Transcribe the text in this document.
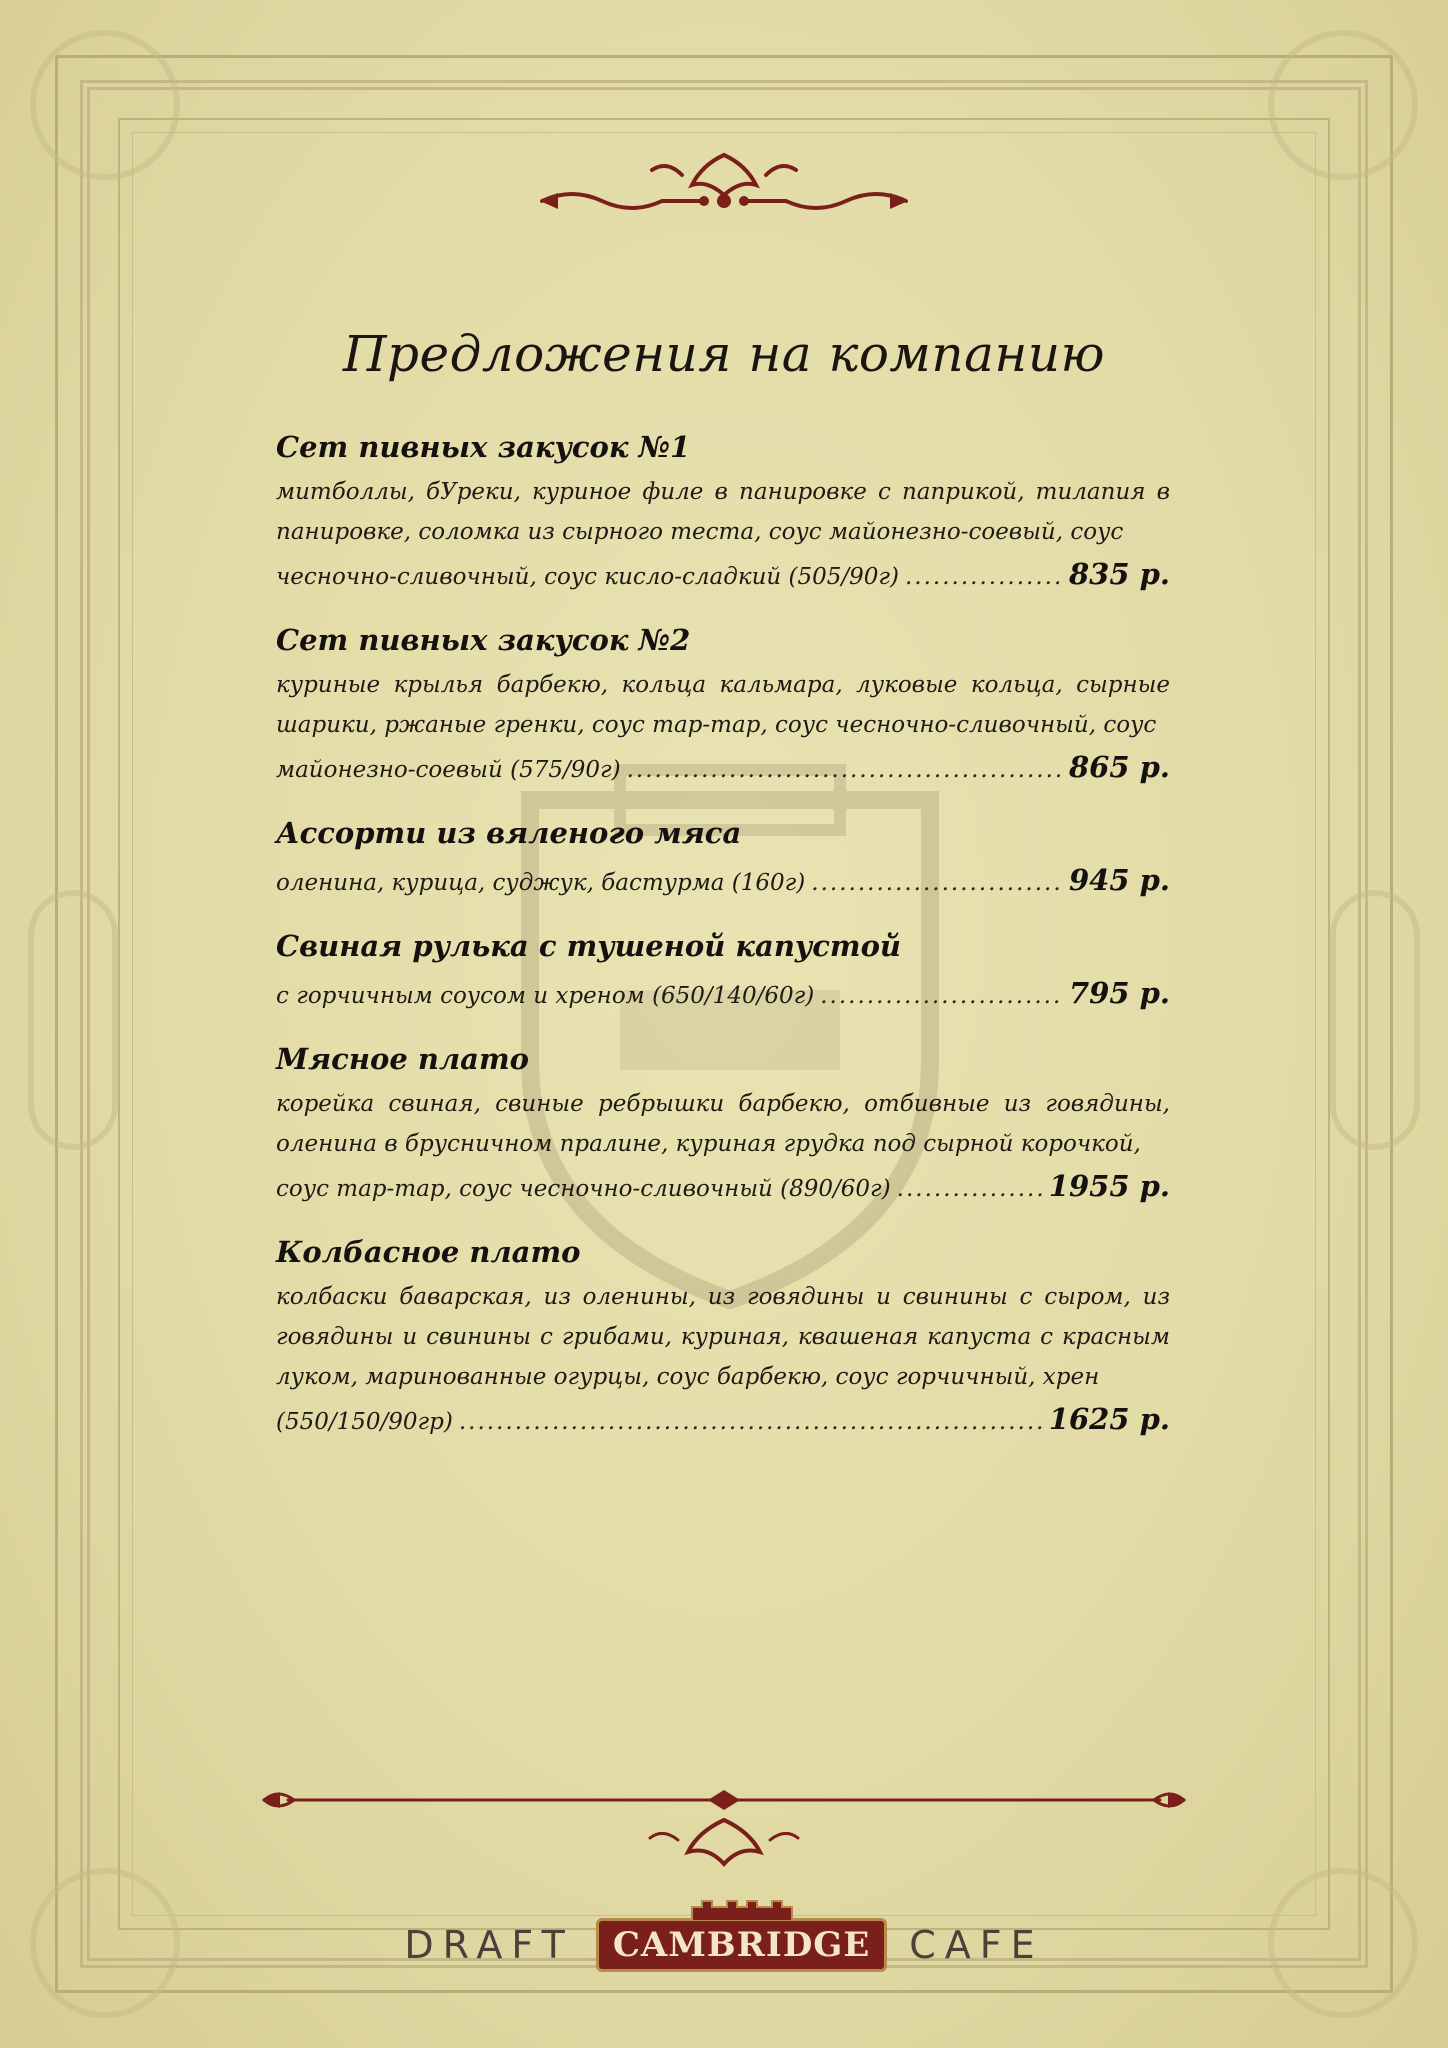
Предложения на компанию
Сет пивных закусок №1
митболлы, бУреки, куриное филе в панировке с паприкой, тилапия в панировке, соломка из сырного теста, соус майонезно-соевый, соус
чесночно-сливочный, соус кисло-сладкий (505/90г) .....	835 р.
Сет пивных закусок №2
куриные крылья барбекю, кольца кальмара, луковые кольца, сырные шарики, ржаные гренки, соус тар-тар, соус чесночно-сливочный, соус
майонезно-соевый (575/90г) .....	865 р.
Ассорти из вяленого мяса
оленина, курица, суджук, бастурма (160г) .....	945 р.
Свиная рулька с тушеной капустой
с горчичным соусом и хреном (650/140/60г) .....	795 р.
Мясное плато
корейка свиная, свиные ребрышки барбекю, отбивные из говядины, оленина в брусничном пралине, куриная грудка под сырной корочкой,
соус тар-тар, соус чесночно-сливочный (890/60г) .....	1955 р.
Колбасное плато
колбаски баварская, из оленины, из говядины и свинины с сыром, из говядины и свинины с грибами, куриная, квашеная капуста с красным луком, маринованные огурцы, соус барбекю, соус горчичный, хрен
(550/150/90гр) .....	1625 р.
DRAFT	CAMBRIDGE	CAFE
